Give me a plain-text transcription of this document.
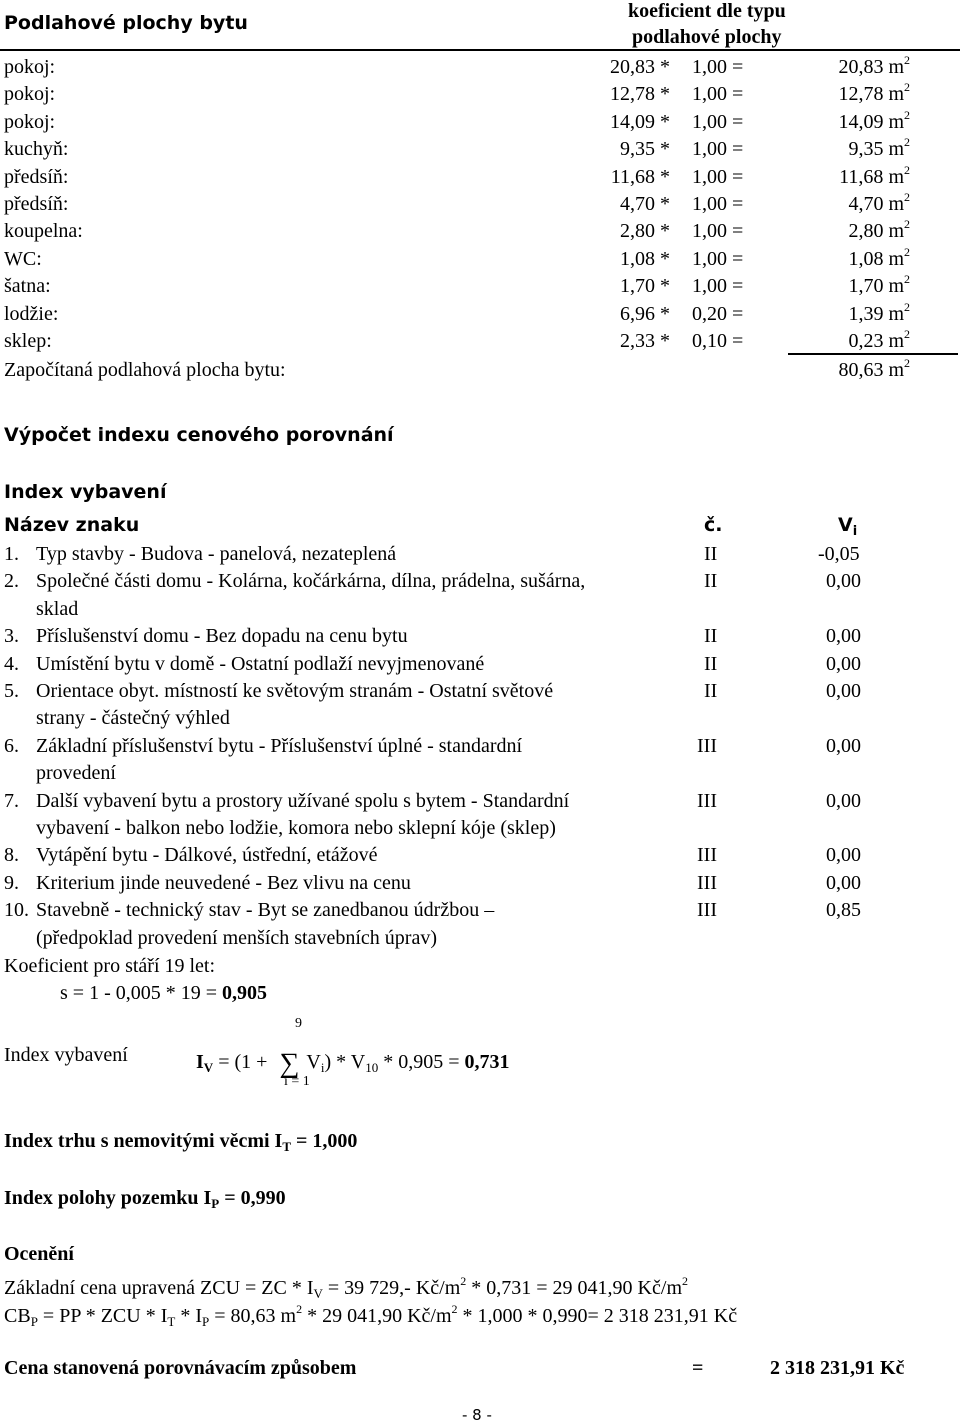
Podlahové plochy bytu
koeficient dle typu
podlahové plochy
pokoj:	20,83 * 1,00 =	20,83 $m^2$
pokoj:	12,78 * 1,00 =	12,78 $m^2$
pokoj:	14,09 * 1,00 =	14,09 $m^2$
kuchyň:	9,35 * 1,00 =	9,35 $m^2$
předsíň:	11,68 * 1,00 =	11,68 $m^2$
předsíň:	4,70 * 1,00 =	4,70 $m^2$
koupelna:	2,80 * 1,00 =	2,80 $m^2$
WC:	1,08 * 1,00 =	1,08 $m^2$
šatna:	1,70 * 1,00 =	1,70 $m^2$
lodžie:	6,96 * 0,20 =	1,39 $m^2$
sklep:	2,33 * 0,10 =	0,23 $m^2$
Započítaná podlahová plocha bytu:	80,63 $m^2$
Výpočet indexu cenového porovnání
Index vybavení
Název znaku	č.	$V_i$
1. Typ stavby - Budova - panelová, nezateplená	II	-0,05
2. Společné části domu - Kolárna, kočárkárna, dílna, prádelna, sušárna,	II	0,00
sklad
3. Příslušenství domu - Bez dopadu na cenu bytu	II	0,00
4. Umístění bytu v domě - Ostatní podlaží nevyjmenované	II	0,00
5. Orientace obyt. místností ke světovým stranám - Ostatní světové	II	0,00
strany - částečný výhled
6. Základní příslušenství bytu - Příslušenství úplné - standardní	III	0,00
provedení
7. Další vybavení bytu a prostory užívané spolu s bytem - Standardní	III	0,00
vybavení - balkon nebo lodžie, komora nebo sklepní kóje (sklep)
8. Vytápění bytu - Dálkové, ústřední, etážové	III	0,00
9. Kriterium jinde neuvedené - Bez vlivu na cenu	III	0,00
10. Stavebně - technický stav - Byt se zanedbanou údržbou –	III	0,85
(předpoklad provedení menších stavebních úprav)
Koeficient pro stáří 19 let:
s = 1 - 0,005 * 19 = 0,905
9
Index vybavení	$I_V = (1$ + ∑ $V_i) * V_{10} * 0,905 = 0,731$
i = 1
Index trhu s nemovitými věcmi $I_T = 1,000$
Index polohy pozemku $I_P = 0,990$
Ocenění
Základní cena upravená ZCU = ZC * $I_V = 39$ 729,- $Kč/m^2 * 0,731 = 29$ 041,90 $Kč/m^2$
$CB_P$ = PP * ZCU * $I_T * I_P = 80,63$ $m^2 * 29$ 041,90 $Kč/m^2 * 1,000 * 0,990= 2$ 318 231,91 Kč
Cena stanovená porovnávacím způsobem	=	2 318 231,91 Kč
- 8 -
